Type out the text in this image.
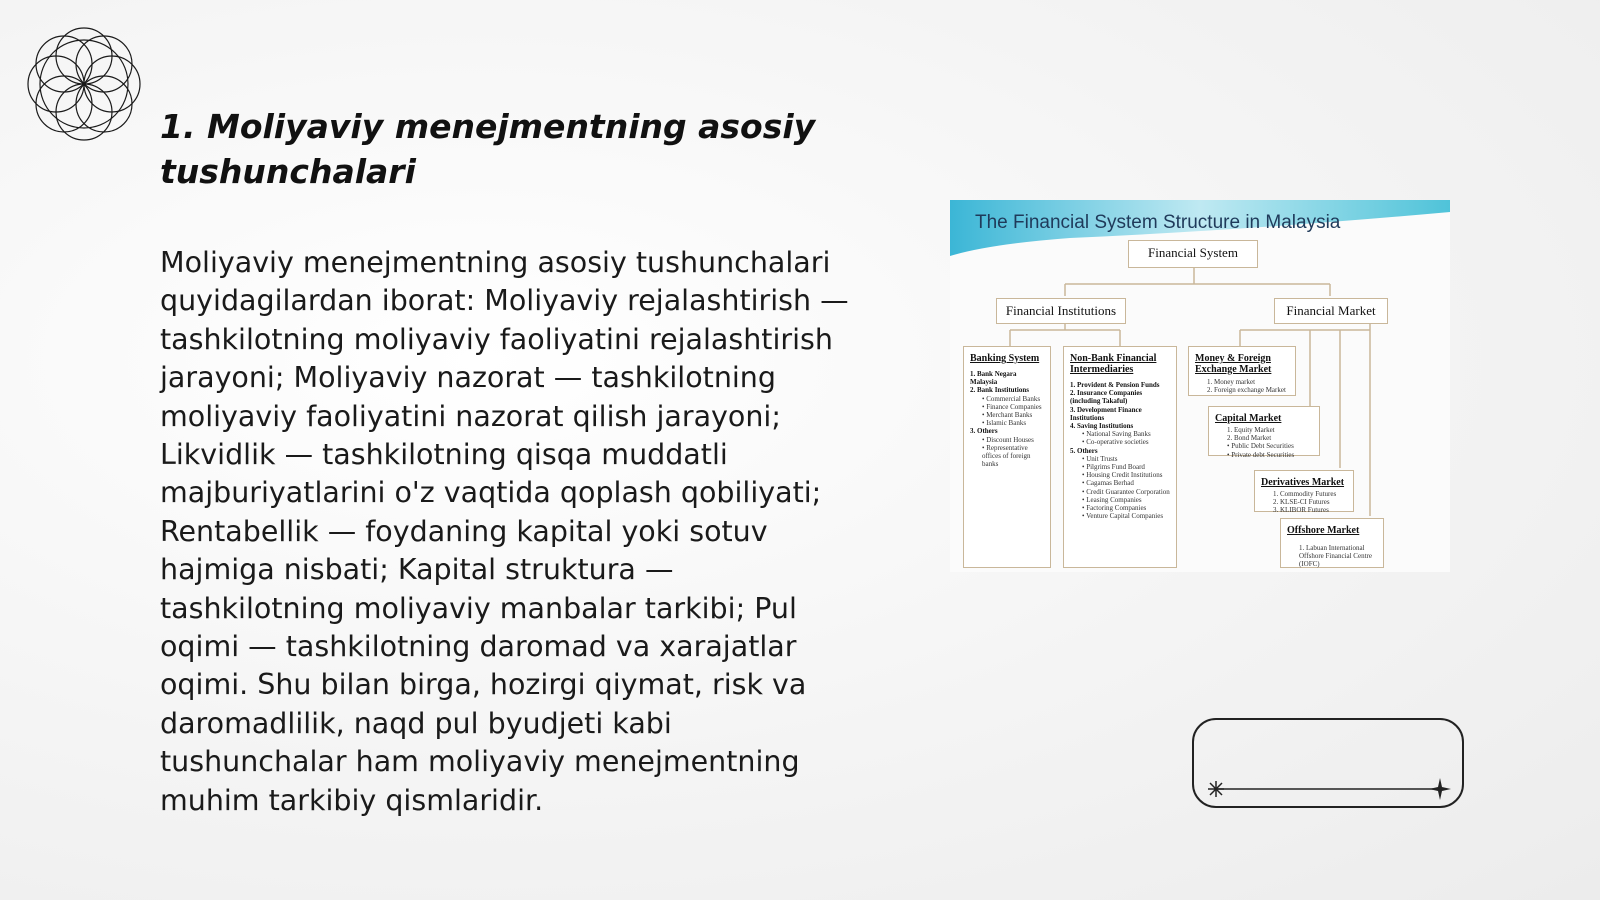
1. Moliyaviy menejmentning asosiy tushunchalari

Moliyaviy menejmentning asosiy tushunchalari quyidagilardan iborat: Moliyaviy rejalashtirish — tashkilotning moliyaviy faoliyatini rejalashtirish jarayoni; Moliyaviy nazorat — tashkilotning moliyaviy faoliyatini nazorat qilish jarayoni; Likvidlik — tashkilotning qisqa muddatli majburiyatlarini o'z vaqtida qoplash qobiliyati; Rentabellik — foydaning kapital yoki sotuv hajmiga nisbati; Kapital struktura — tashkilotning moliyaviy manbalar tarkibi; Pul oqimi — tashkilotning daromad va xarajatlar oqimi. Shu bilan birga, hozirgi qiymat, risk va daromadlilik, naqd pul byudjeti kabi tushunchalar ham moliyaviy menejmentning muhim tarkibiy qismlaridir.

The Financial System Structure in Malaysia
Financial System
Financial Institutions	Financial Market
Banking System
1. Bank Negara Malaysia
2. Bank Institutions
• Commercial Banks
• Finance Companies
• Merchant Banks
• Islamic Banks
3. Others
• Discount Houses
• Representative offices of foreign banks
Non-Bank Financial Intermediaries
1. Provident & Pension Funds
2. Insurance Companies (including Takaful)
3. Development Finance Institutions
4. Saving Institutions
• National Saving Banks
• Co-operative societies
5. Others
• Unit Trusts
• Pilgrims Fund Board
• Housing Credit Institutions
• Cagamas Berhad
• Credit Guarantee Corporation
• Leasing Companies
• Factoring Companies
• Venture Capital Companies
Money & Foreign Exchange Market
1. Money market
2. Foreign exchange Market
Capital Market
1. Equity Market
2. Bond Market
• Public Debt Securities
• Private debt Securities
Derivatives Market
1. Commodity Futures
2. KLSE-CI Futures
3. KLIBOR Futures
Offshore Market
1. Labuan International Offshore Financial Centre (IOFC)
